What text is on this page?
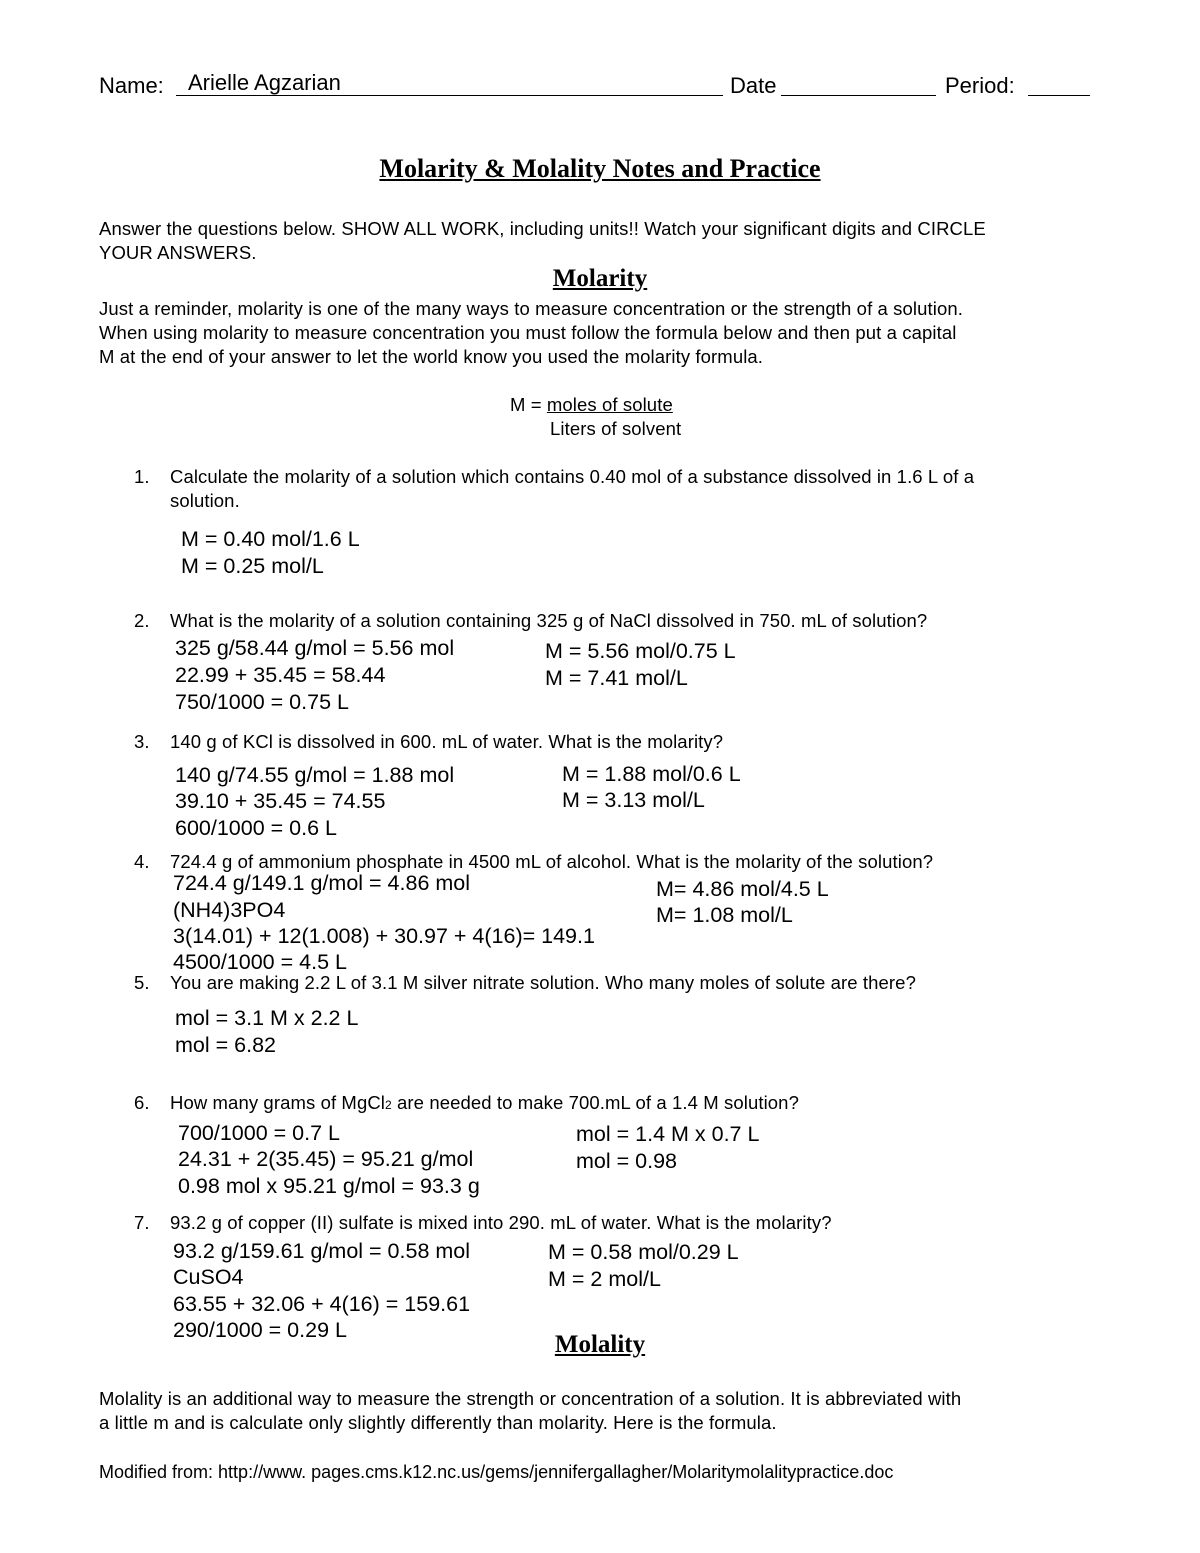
Name: Arielle Agzarian	Date	Period:
Molarity & Molality Notes and Practice
Answer the questions below. SHOW ALL WORK, including units!! Watch your significant digits and CIRCLE
YOUR ANSWERS.
Molarity
Just a reminder, molarity is one of the many ways to measure concentration or the strength of a solution.
When using molarity to measure concentration you must follow the formula below and then put a capital
M at the end of your answer to let the world know you used the molarity formula.
M = moles of solute
Liters of solvent
1. Calculate the molarity of a solution which contains 0.40 mol of a substance dissolved in 1.6 L of a
solution.
M = 0.40 mol/1.6 L
M = 0.25 mol/L
2. What is the molarity of a solution containing 325 g of NaCl dissolved in 750. mL of solution?
325 g/58.44 g/mol = 5.56 mol
22.99 + 35.45 = 58.44
750/1000 = 0.75 L
M = 5.56 mol/0.75 L
M = 7.41 mol/L
3. 140 g of KCl is dissolved in 600. mL of water. What is the molarity?
140 g/74.55 g/mol = 1.88 mol
39.10 + 35.45 = 74.55
600/1000 = 0.6 L
M = 1.88 mol/0.6 L
M = 3.13 mol/L
4. 724.4 g of ammonium phosphate in 4500 mL of alcohol. What is the molarity of the solution?
724.4 g/149.1 g/mol = 4.86 mol
(NH4)3PO4
3(14.01) + 12(1.008) + 30.97 + 4(16)= 149.1
4500/1000 = 4.5 L
M= 4.86 mol/4.5 L
M= 1.08 mol/L
5. You are making 2.2 L of 3.1 M silver nitrate solution. Who many moles of solute are there?
mol = 3.1 M x 2.2 L
mol = 6.82
6. How many grams of MgCl2 are needed to make 700.mL of a 1.4 M solution?
700/1000 = 0.7 L
24.31 + 2(35.45) = 95.21 g/mol
0.98 mol x 95.21 g/mol = 93.3 g
mol = 1.4 M x 0.7 L
mol = 0.98
7. 93.2 g of copper (II) sulfate is mixed into 290. mL of water. What is the molarity?
93.2 g/159.61 g/mol = 0.58 mol
CuSO4
63.55 + 32.06 + 4(16) = 159.61
290/1000 = 0.29 L
M = 0.58 mol/0.29 L
M = 2 mol/L
Molality
Molality is an additional way to measure the strength or concentration of a solution. It is abbreviated with
a little m and is calculate only slightly differently than molarity. Here is the formula.
Modified from: http://www. pages.cms.k12.nc.us/gems/jennifergallagher/Molaritymolalitypractice.doc
